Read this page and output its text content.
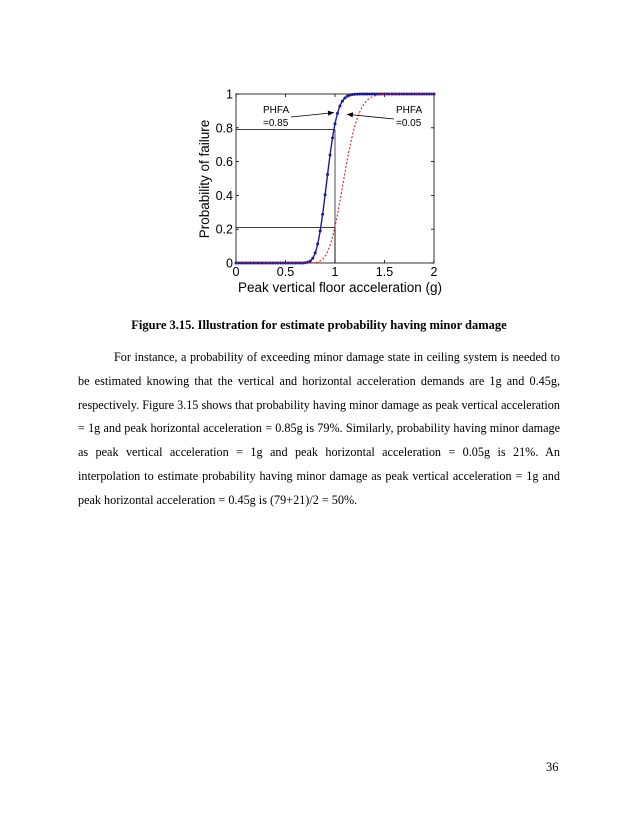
0	0.5	1	1.5	2
0
0.2
0.4
0.6
0.8
1
PHFA
=0.85
PHFA
=0.05
Peak vertical floor acceleration (g)
Probability of failure
Figure 3.15. Illustration for estimate probability having minor damage

For instance, a probability of exceeding minor damage state in ceiling system is needed to be estimated knowing that the vertical and horizontal acceleration demands are 1g and 0.45g, respectively. Figure 3.15 shows that probability having minor damage as peak vertical acceleration = 1g and peak horizontal acceleration = 0.85g is 79%. Similarly, probability having minor damage as peak vertical acceleration = 1g and peak horizontal acceleration = 0.05g is 21%. An interpolation to estimate probability having minor damage as peak vertical acceleration = 1g and peak horizontal acceleration = 0.45g is (79+21)/2 = 50%.

36
